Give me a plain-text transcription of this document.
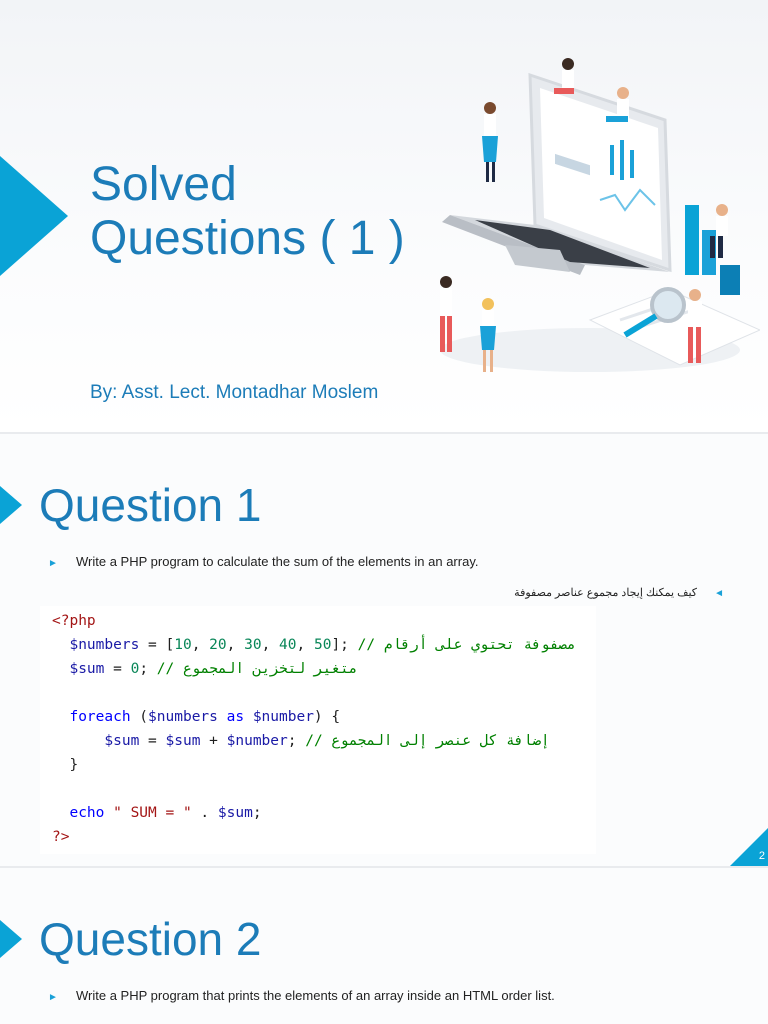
Solved
Questions ( 1 )
By: Asst. Lect. Montadhar Moslem
Question 1
► Write a PHP program to calculate the sum of the elements in an array.
◄ كيف يمكنك إيجاد مجموع عناصر مصفوفة
<?php
$numbers = [10, 20, 30, 40, 50]; // مصفوفة تحتوي على أرقام
$sum = 0; // متغير لتخزين المجموع

foreach ($numbers as $number) {
$sum = $sum + $number; // إضافة كل عنصر إلى المجموع
}

echo " SUM = " . $sum;
?>
2
Question 2
► Write a PHP program that prints the elements of an array inside an HTML order list.
